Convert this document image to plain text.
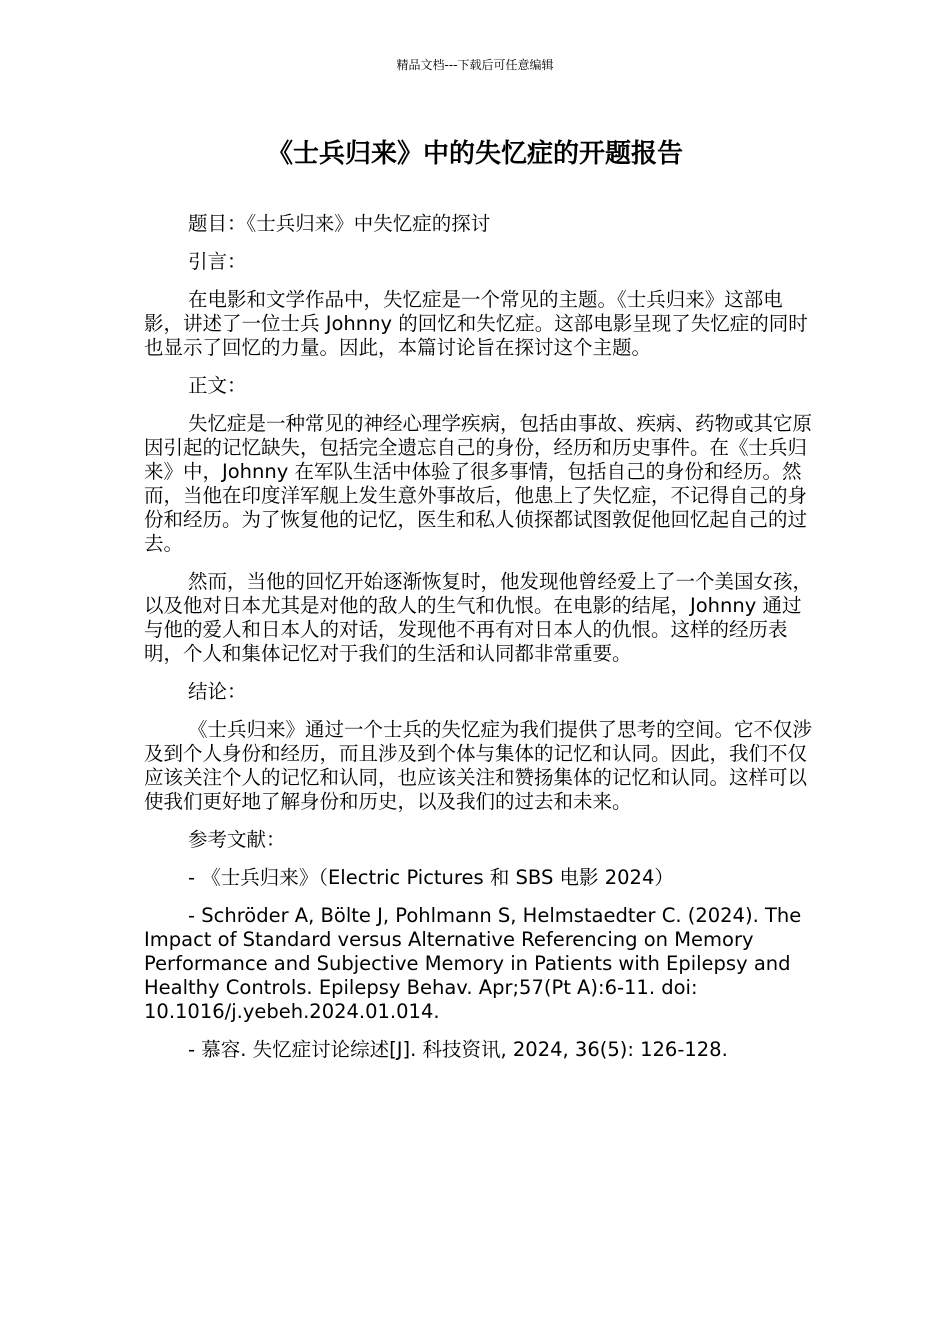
精品文档---下载后可任意编辑
《士兵归来》中的失忆症的开题报告

题目：《士兵归来》中失忆症的探讨

引言：

在电影和文学作品中，失忆症是一个常见的主题。《士兵归来》这部电影，讲述了一位士兵 Johnny 的回忆和失忆症。这部电影呈现了失忆症的同时也显示了回忆的力量。因此，本篇讨论旨在探讨这个主题。

正文：

失忆症是一种常见的神经心理学疾病，包括由事故、疾病、药物或其它原因引起的记忆缺失，包括完全遗忘自己的身份，经历和历史事件。在《士兵归来》中，Johnny 在军队生活中体验了很多事情，包括自己的身份和经历。然而，当他在印度洋军舰上发生意外事故后，他患上了失忆症，不记得自己的身份和经历。为了恢复他的记忆，医生和私人侦探都试图敦促他回忆起自己的过去。

然而，当他的回忆开始逐渐恢复时，他发现他曾经爱上了一个美国女孩，以及他对日本尤其是对他的敌人的生气和仇恨。在电影的结尾，Johnny 通过与他的爱人和日本人的对话，发现他不再有对日本人的仇恨。这样的经历表明，个人和集体记忆对于我们的生活和认同都非常重要。

结论：

《士兵归来》通过一个士兵的失忆症为我们提供了思考的空间。它不仅涉及到个人身份和经历，而且涉及到个体与集体的记忆和认同。因此，我们不仅应该关注个人的记忆和认同，也应该关注和赞扬集体的记忆和认同。这样可以使我们更好地了解身份和历史，以及我们的过去和未来。

参考文献：

- 《士兵归来》（Electric Pictures 和 SBS 电影 2024）

- Schröder A, Bölte J, Pohlmann S, Helmstaedter C. (2024). The Impact of Standard versus Alternative Referencing on Memory Performance and Subjective Memory in Patients with Epilepsy and Healthy Controls. Epilepsy Behav. Apr;57(Pt A):6-11. doi: 10.1016/j.yebeh.2024.01.014.

- 慕容. 失忆症讨论综述[J]. 科技资讯, 2024, 36(5): 126-128.
